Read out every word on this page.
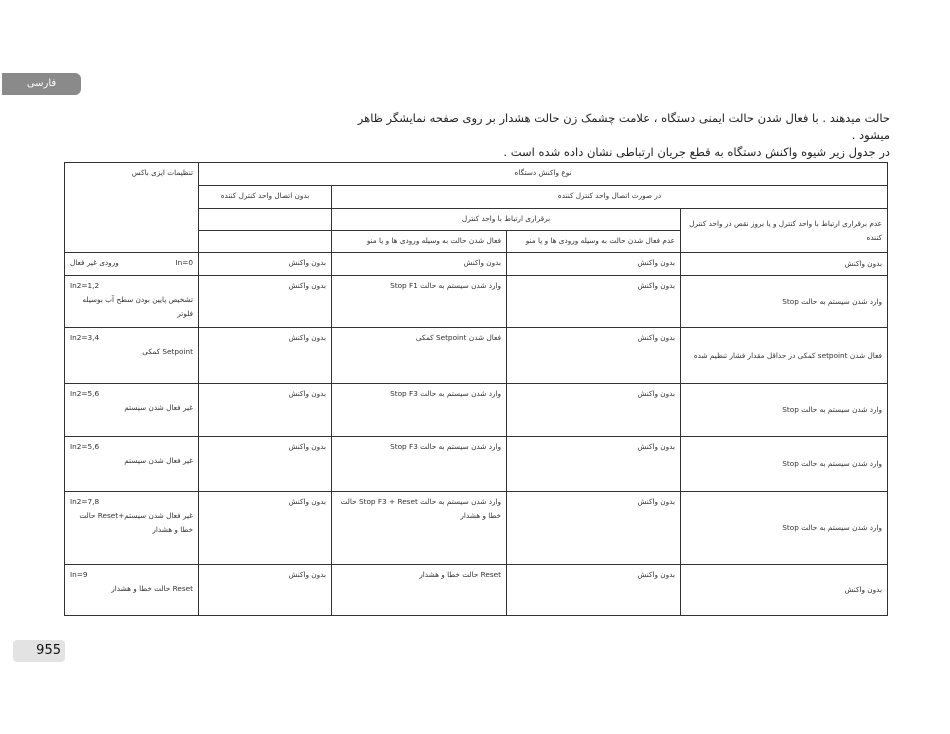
فارسی

حالت میدهند . با فعال شدن حالت ایمنی دستگاه ، علامت چشمک زن حالت هشدار بر روی صفحه نمایشگر ظاهر میشود .

در جدول زیر شیوه واکنش دستگاه به قطع جریان ارتباطی نشان داده شده است .

نوع واکنش دستگاه				تنظیمات ایزی باکس
در صورت اتصال واحد کنترل کننده			بدون اتصال واحد کنترل کننده	
عدم برقراری ارتباط با واحد کنترل و یا بروز نقص در واحد کنترل کننده	برقراری ارتباط با واحد کنترل			
	عدم فعال شدن حالت به وسیله ورودی ها و یا منو	فعال شدن حالت به وسیله ورودی ها و یا منو		
بدون واکنش	بدون واکنش	بدون واکنش	بدون واکنش	ورودی غیر فعال In=0

وارد شدن سیستم به حالت Stop	بدون واکنش	وارد شدن سیستم به حالت Stop F1	بدون واکنش	In2=1,2
تشخیص پایین بودن سطح آب بوسیله فلوتر
فعال شدن setpoint کمکی در حداقل مقدار فشار تنظیم شده	بدون واکنش	فعال شدن Setpoint کمکی	بدون واکنش	In2=3,4
Setpoint کمکی
وارد شدن سیستم به حالت Stop	بدون واکنش	وارد شدن سیستم به حالت Stop F3	بدون واکنش	In2=5,6
غیر فعال شدن سیستم
وارد شدن سیستم به حالت Stop	بدون واکنش	وارد شدن سیستم به حالت Stop F3	بدون واکنش	In2=5,6
غیر فعال شدن سیستم
وارد شدن سیستم به حالت Stop	بدون واکنش	وارد شدن سیستم به حالت Stop F3 + Reset حالت خطا و هشدار	بدون واکنش	In2=7,8
غیر فعال شدن سیستم+Reset حالت خطا و هشدار
بدون واکنش	بدون واکنش	Reset حالت خطا و هشدار	بدون واکنش	In=9
Reset حالت خطا و هشدار
955
